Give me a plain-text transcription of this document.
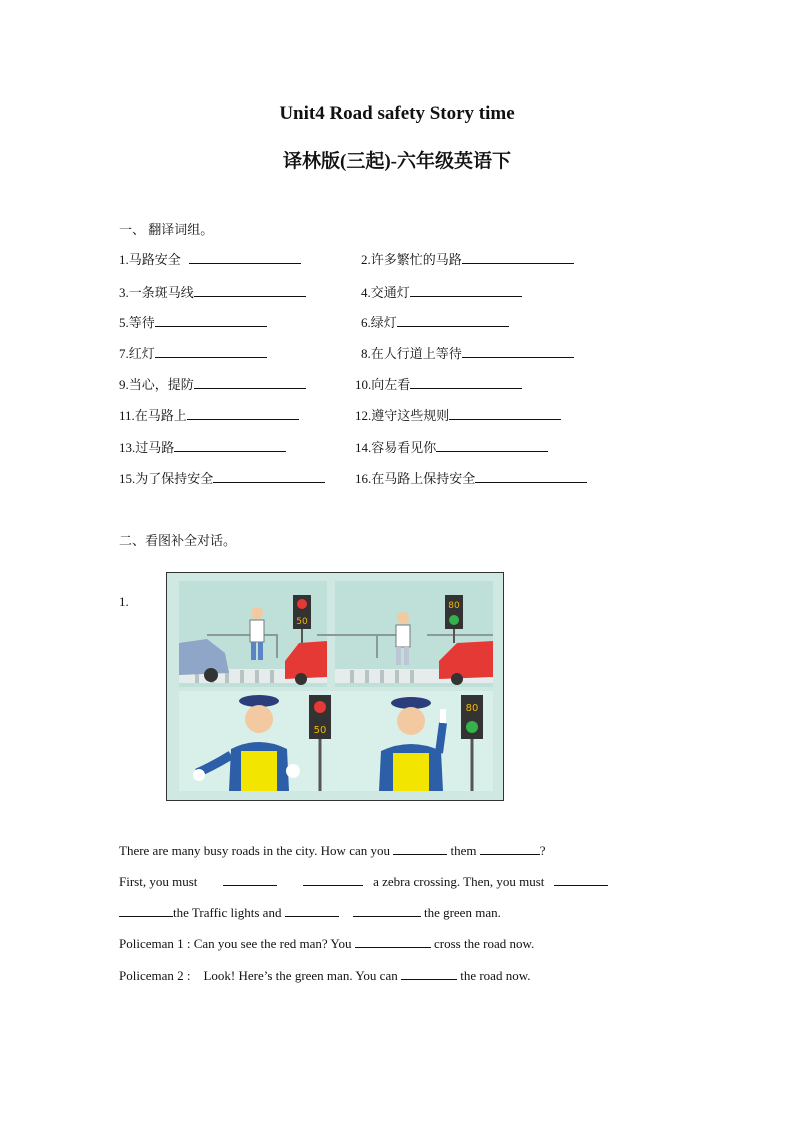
Unit4 Road safety Story time
译林版(三起)-六年级英语下
一、 翻译词组。
1.马路安全	2.许多繁忙的马路
3.一条斑马线	4.交通灯
5.等待	6.绿灯
7.红灯	8.在人行道上等待
9.当心，提防	10.向左看
11.在马路上	12.遵守这些规则
13.过马路	14.容易看见你
15.为了保持安全	16.在马路上保持安全
二、看图补全对话。
1.
50
80
50
80
There are many busy roads in the city. How can you	them	?
First, you must	a zebra crossing. Then, you must
the Traffic lights and	the green man.
Policeman 1 : Can you see the red man? You	cross the road now.
Policeman 2 :    Look! Here’s the green man. You can	the road now.
